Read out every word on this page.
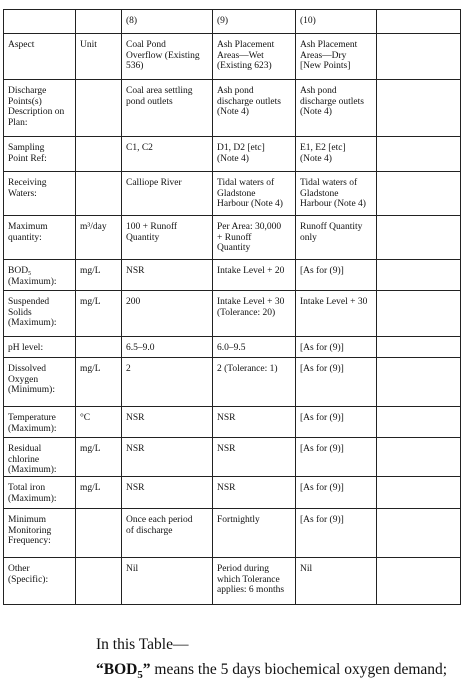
		(8)	(9)	(10)	
Aspect	Unit	Coal Pond
Overflow (Existing
536)	Ash Placement
Areas—Wet
(Existing 623)	Ash Placement
Areas—Dry
[New Points]	
Discharge
Points(s)
Description on
Plan:		Coal area settling
pond outlets	Ash pond
discharge outlets
(Note 4)	Ash pond
discharge outlets
(Note 4)	
Sampling
Point Ref:		C1, C2	D1, D2 [etc]
(Note 4)	E1, E2 [etc]
(Note 4)	
Receiving
Waters:		Calliope River	Tidal waters of
Gladstone
Harbour (Note 4)	Tidal waters of
Gladstone
Harbour (Note 4)	
Maximum
quantity:	m³/day	100 + Runoff
Quantity	Per Area: 30,000
+ Runoff
Quantity	Runoff Quantity
only	
BOD₅
(Maximum):	mg/L	NSR	Intake Level + 20	[As for (9)]	
Suspended
Solids
(Maximum):	mg/L	200	Intake Level + 30
(Tolerance: 20)	Intake Level + 30	
pH level:		6.5–9.0	6.0–9.5	[As for (9)]	
Dissolved
Oxygen
(Minimum):	mg/L	2	2 (Tolerance: 1)	[As for (9)]	
Temperature
(Maximum):	°C	NSR	NSR	[As for (9)]	
Residual
chlorine
(Maximum):	mg/L	NSR	NSR	[As for (9)]	
Total iron
(Maximum):	mg/L	NSR	NSR	[As for (9)]	
Minimum
Monitoring
Frequency:		Once each period
of discharge	Fortnightly	[As for (9)]	
Other
(Specific):		Nil	Period during
which Tolerance
applies: 6 months	Nil	
In this Table—
“$BOD_5$” means the 5 days biochemical oxygen demand;
